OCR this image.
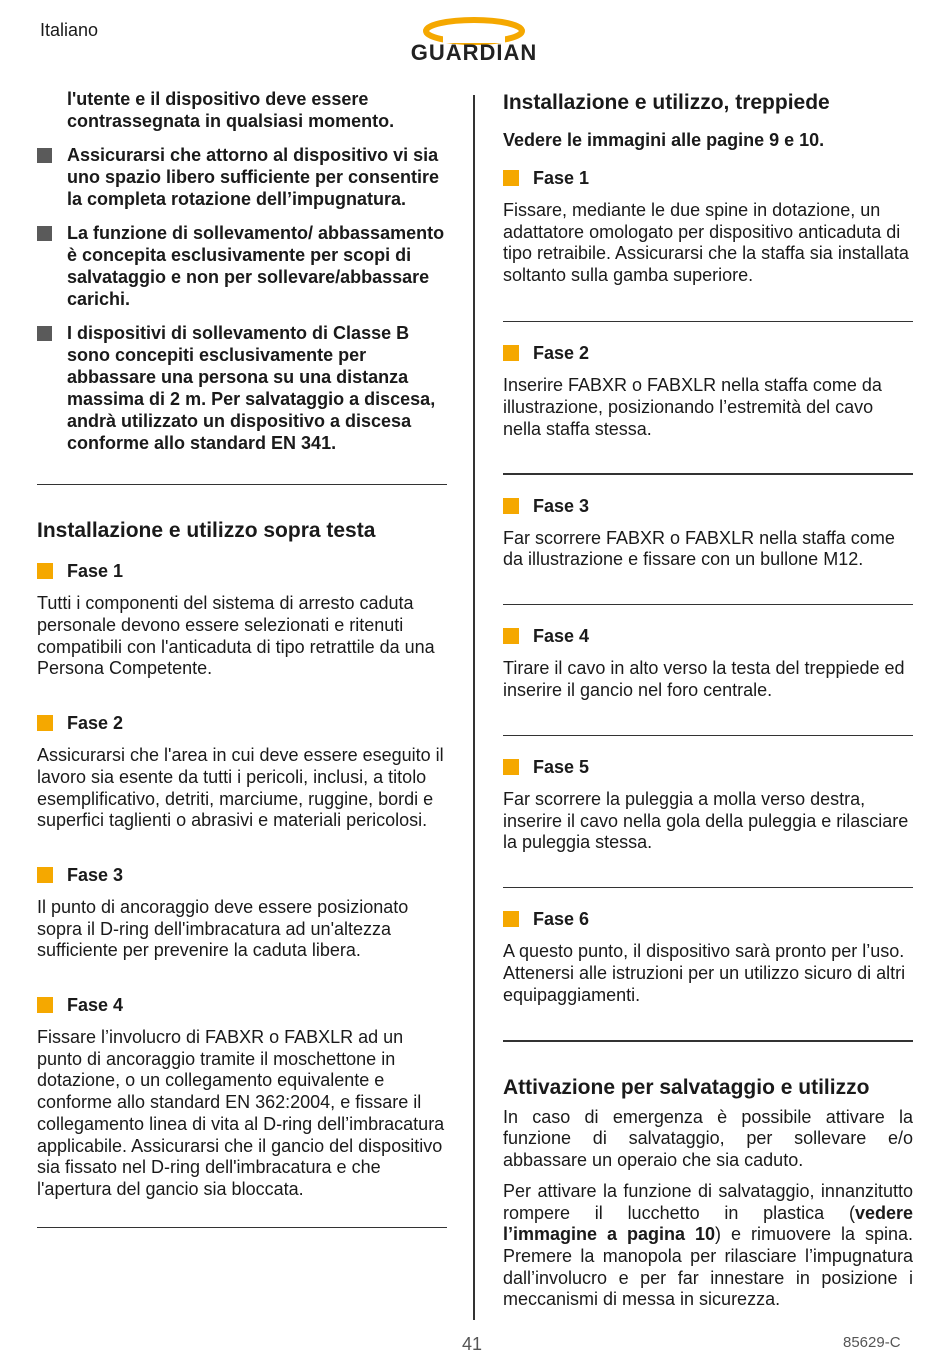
Italiano
GUARDIAN
l'utente e il dispositivo deve essere contrassegnata in qualsiasi momento.
Assicurarsi che attorno al dispositivo vi sia uno spazio libero sufficiente per consentire la completa rotazione dell’impugnatura.
La funzione di sollevamento/ abbassamento è concepita esclusivamente per scopi di salvataggio e non per sollevare/abbassare carichi.
I dispositivi di sollevamento di Classe B sono concepiti esclusivamente per abbassare una persona su una distanza massima di 2 m. Per salvataggio a discesa, andrà utilizzato un dispositivo a discesa conforme allo standard EN 341.
Installazione e utilizzo sopra testa
Fase 1

Tutti i componenti del sistema di arresto caduta personale devono essere selezionati e ritenuti compatibili con l'anticaduta di tipo retrattile da una Persona Competente.

Fase 2

Assicurarsi che l'area in cui deve essere eseguito il lavoro sia esente da tutti i pericoli, inclusi, a titolo esemplificativo, detriti, marciume, ruggine, bordi e superfici taglienti o abrasivi e materiali pericolosi.

Fase 3

Il punto di ancoraggio deve essere posizionato sopra il D-ring dell'imbracatura ad un'altezza sufficiente per prevenire la caduta libera.

Fase 4

Fissare l’involucro di FABXR o FABXLR ad un punto di ancoraggio tramite il moschettone in dotazione, o un collegamento equivalente e conforme allo standard EN 362:2004, e fissare il collegamento linea di vita al D-ring dell’imbracatura applicabile. Assicurarsi che il gancio del dispositivo sia fissato nel D-ring dell'imbracatura e che l'apertura del gancio sia bloccata.

Installazione e utilizzo, treppiede

Vedere le immagini alle pagine 9 e 10.

Fase 1

Fissare, mediante le due spine in dotazione, un adattatore omologato per dispositivo anticaduta di tipo retraibile. Assicurarsi che la staffa sia installata soltanto sulla gamba superiore.

Fase 2

Inserire FABXR o FABXLR nella staffa come da illustrazione, posizionando l’estremità del cavo nella staffa stessa.

Fase 3

Far scorrere FABXR o FABXLR nella staffa come da illustrazione e fissare con un bullone M12.

Fase 4

Tirare il cavo in alto verso la testa del treppiede ed inserire il gancio nel foro centrale.

Fase 5

Far scorrere la puleggia a molla verso destra, inserire il cavo nella gola della puleggia e rilasciare la puleggia stessa.

Fase 6

A questo punto, il dispositivo sarà pronto per l’uso. Attenersi alle istruzioni per un utilizzo sicuro di altri equipaggiamenti.

Attivazione per salvataggio e utilizzo

In caso di emergenza è possibile attivare la funzione di salvataggio, per sollevare e/o abbassare un operaio che sia caduto.

Per attivare la funzione di salvataggio, innanzitutto rompere il lucchetto in plastica (vedere l’immagine a pagina 10) e rimuovere la spina. Premere la manopola per rilasciare l’impugnatura dall’involucro e per far innestare in posizione i meccanismi di messa in sicurezza.

41	85629-C
